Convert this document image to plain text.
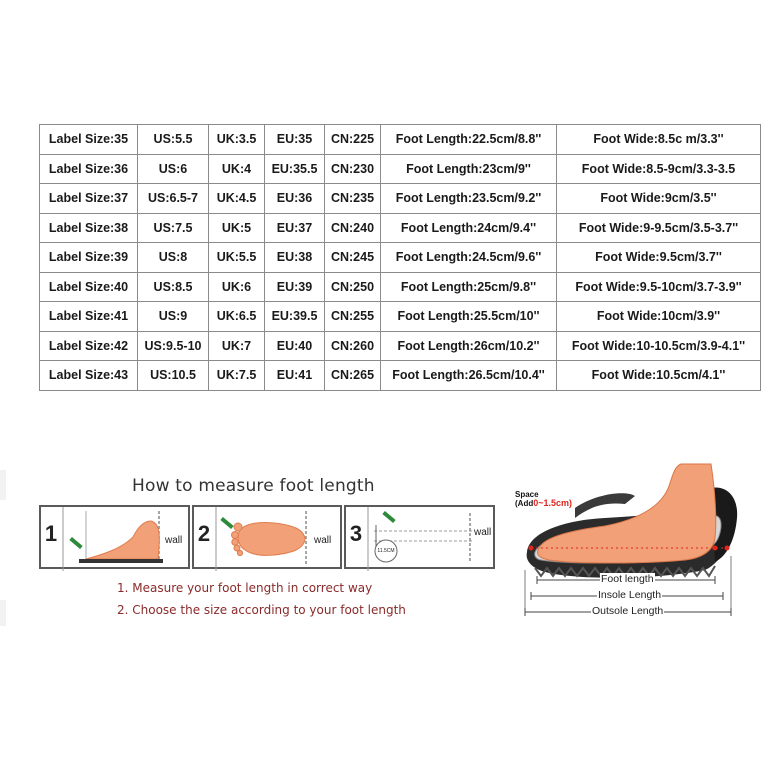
Label Size:35	US:5.5	UK:3.5	EU:35	CN:225	Foot Length:22.5cm/8.8''	Foot Wide:8.5c m/3.3''
Label Size:36	US:6	UK:4	EU:35.5	CN:230	Foot Length:23cm/9''	Foot Wide:8.5-9cm/3.3-3.5
Label Size:37	US:6.5-7	UK:4.5	EU:36	CN:235	Foot Length:23.5cm/9.2''	Foot Wide:9cm/3.5''
Label Size:38	US:7.5	UK:5	EU:37	CN:240	Foot Length:24cm/9.4''	Foot Wide:9-9.5cm/3.5-3.7''
Label Size:39	US:8	UK:5.5	EU:38	CN:245	Foot Length:24.5cm/9.6''	Foot Wide:9.5cm/3.7''
Label Size:40	US:8.5	UK:6	EU:39	CN:250	Foot Length:25cm/9.8''	Foot Wide:9.5-10cm/3.7-3.9''
Label Size:41	US:9	UK:6.5	EU:39.5	CN:255	Foot Length:25.5cm/10''	Foot Wide:10cm/3.9''
Label Size:42	US:9.5-10	UK:7	EU:40	CN:260	Foot Length:26cm/10.2''	Foot Wide:10-10.5cm/3.9-4.1''
Label Size:43	US:10.5	UK:7.5	EU:41	CN:265	Foot Length:26.5cm/10.4''	Foot Wide:10.5cm/4.1''
How to measure foot length
1	wall 2	wall 3
11.5CM
wall
1. Measure your foot length in correct way
2. Choose the size according to your foot length
Space
(Add0~1.5cm)
Foot length
Insole Length
Outsole Length
